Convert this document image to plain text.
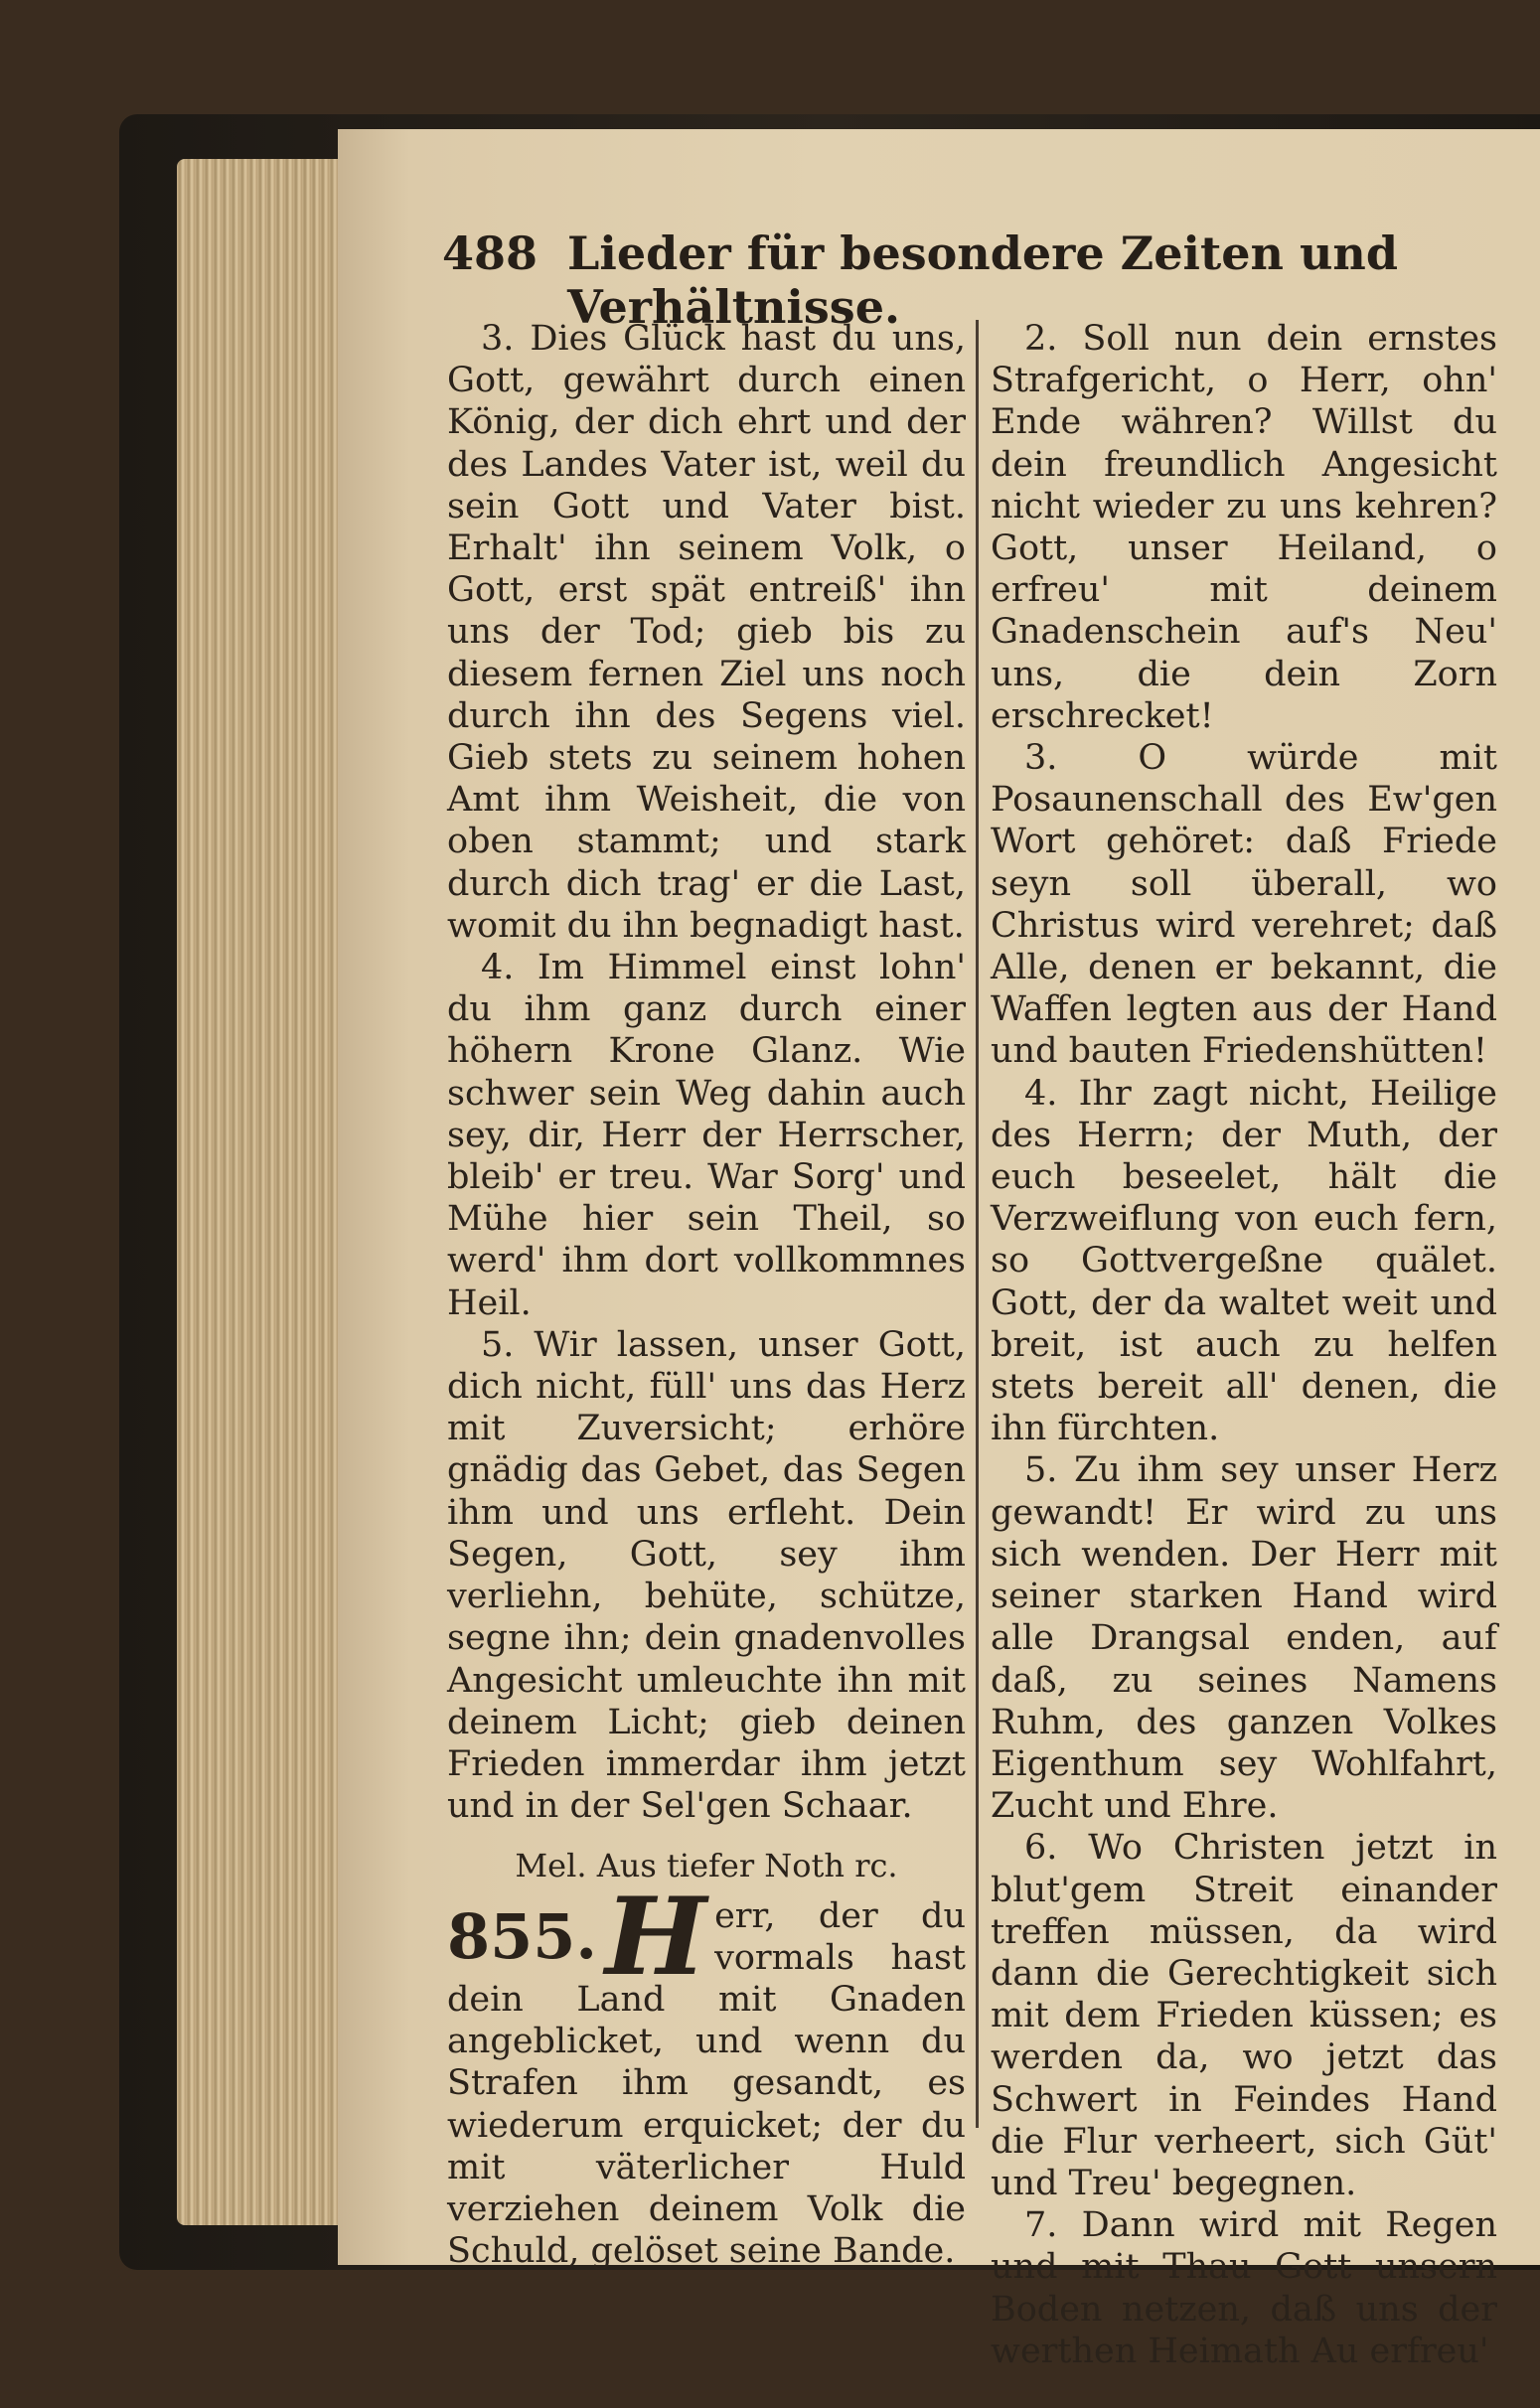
488 Lieder für besondere Zeiten und Verhältnisse.

3. Dies Glück hast du uns, Gott, gewährt durch einen König, der dich ehrt und der des Landes Vater ist, weil du sein Gott und Vater bist. Erhalt' ihn seinem Volk, o Gott, erst spät entreiß' ihn uns der Tod; gieb bis zu diesem fernen Ziel uns noch durch ihn des Segens viel. Gieb stets zu seinem hohen Amt ihm Weisheit, die von oben stammt; und stark durch dich trag' er die Last, womit du ihn begnadigt hast.

4. Im Himmel einst lohn' du ihm ganz durch einer höhern Krone Glanz. Wie schwer sein Weg dahin auch sey, dir, Herr der Herrscher, bleib' er treu. War Sorg' und Mühe hier sein Theil, so werd' ihm dort vollkommnes Heil.

5. Wir lassen, unser Gott, dich nicht, füll' uns das Herz mit Zuversicht; erhöre gnädig das Gebet, das Segen ihm und uns erfleht. Dein Segen, Gott, sey ihm verliehn, behüte, schütze, segne ihn; dein gnadenvolles Angesicht umleuchte ihn mit deinem Licht; gieb deinen Frieden immerdar ihm jetzt und in der Sel'gen Schaar.

Mel. Aus tiefer Noth rc.

855. H err, der du vormals hast dein Land mit Gnaden angeblicket, und wenn du Strafen ihm gesandt, es wiederum erquicket; der du mit väterlicher Huld verziehen deinem Volk die Schuld, gelöset seine Bande.

2. Soll nun dein ernstes Strafgericht, o Herr, ohn' Ende währen? Willst du dein freundlich Angesicht nicht wieder zu uns kehren? Gott, unser Heiland, o erfreu' mit deinem Gnadenschein auf's Neu' uns, die dein Zorn erschrecket!

3. O würde mit Posaunenschall des Ew'gen Wort gehöret: daß Friede seyn soll überall, wo Christus wird verehret; daß Alle, denen er bekannt, die Waffen legten aus der Hand und bauten Friedenshütten!

4. Ihr zagt nicht, Heilige des Herrn; der Muth, der euch beseelet, hält die Verzweiflung von euch fern, so Gottvergeßne quälet. Gott, der da waltet weit und breit, ist auch zu helfen stets bereit all' denen, die ihn fürchten.

5. Zu ihm sey unser Herz gewandt! Er wird zu uns sich wenden. Der Herr mit seiner starken Hand wird alle Drangsal enden, auf daß, zu seines Namens Ruhm, des ganzen Volkes Eigenthum sey Wohlfahrt, Zucht und Ehre.

6. Wo Christen jetzt in blut'gem Streit einander treffen müssen, da wird dann die Gerechtigkeit sich mit dem Frieden küssen; es werden da, wo jetzt das Schwert in Feindes Hand die Flur verheert, sich Güt' und Treu' begegnen.

7. Dann wird mit Regen und mit Thau Gott unsern Boden netzen, daß uns der werthen Heimath Au erfreu'
